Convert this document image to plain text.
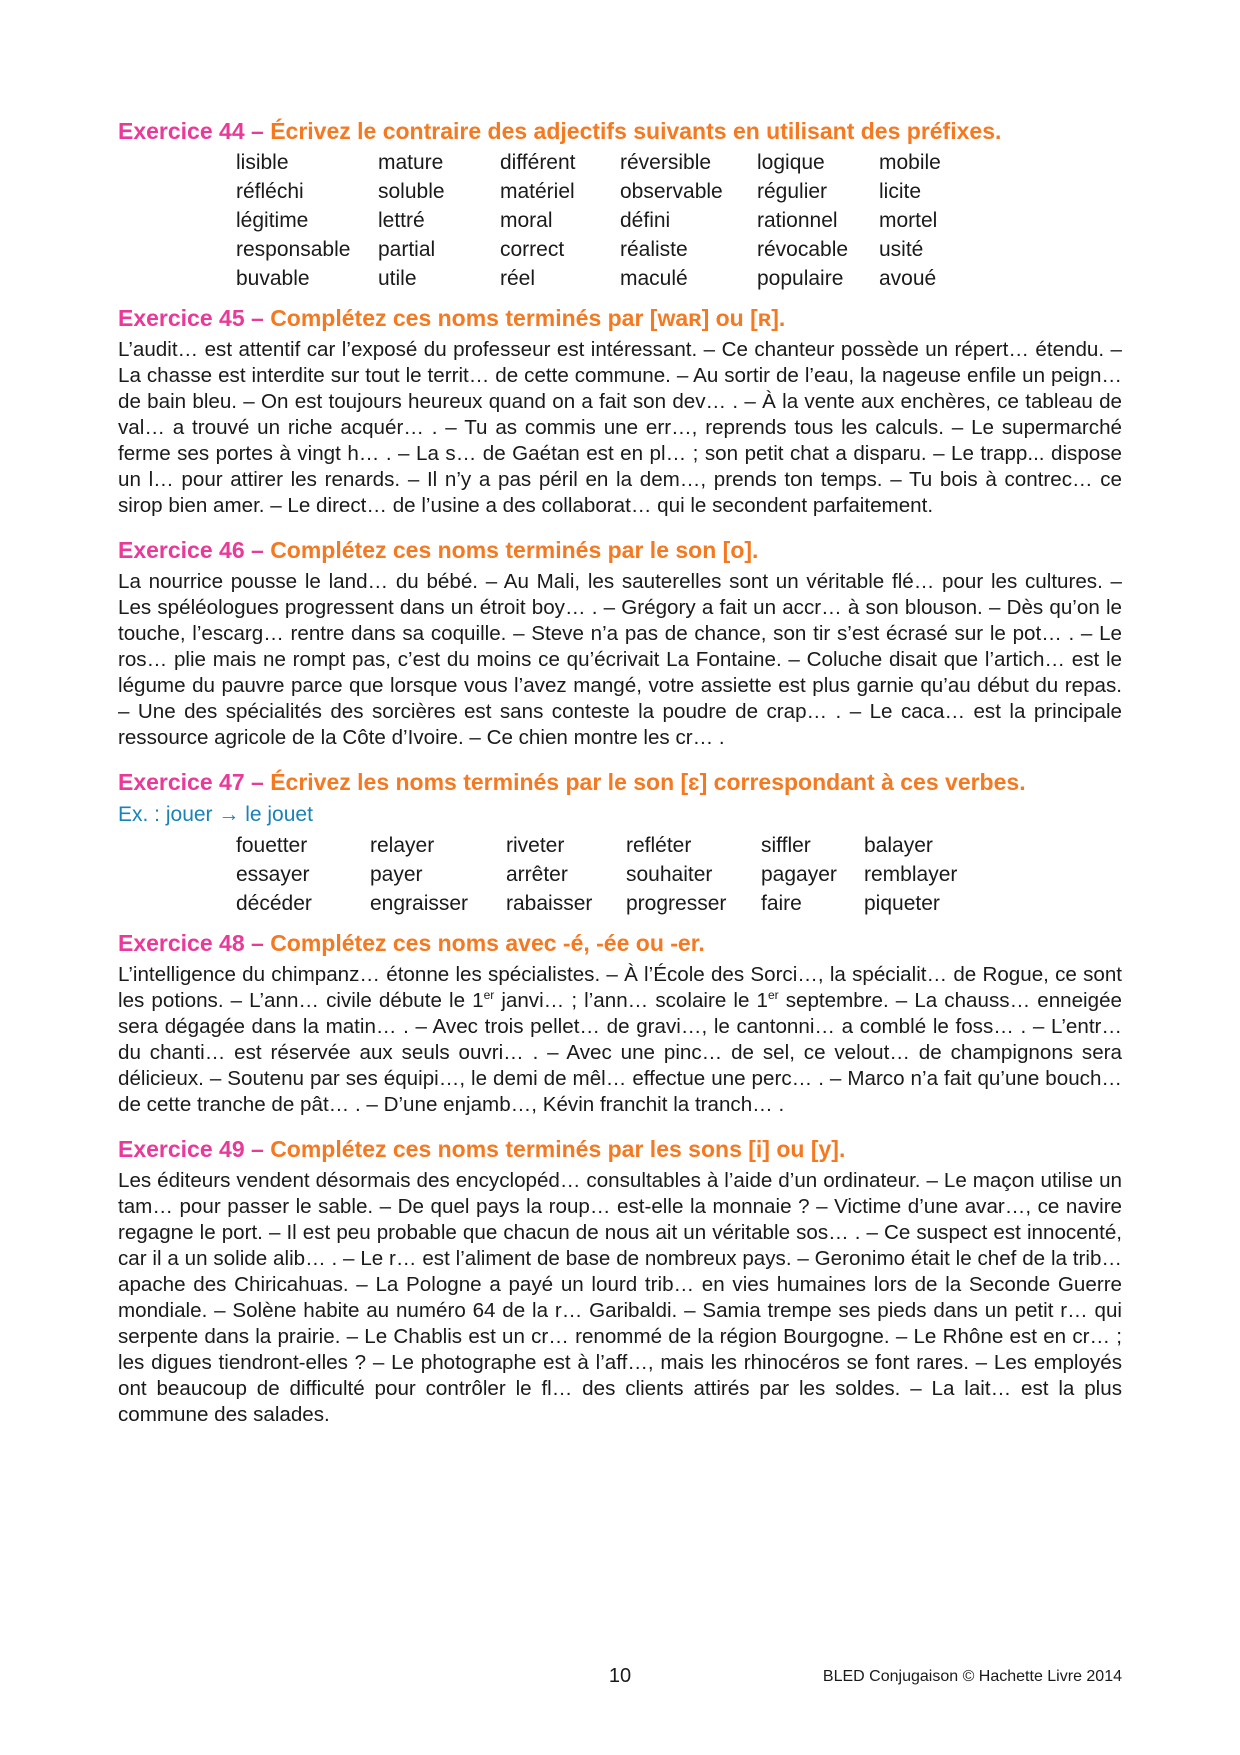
Exercice 44 – Écrivez le contraire des adjectifs suivants en utilisant des préfixes.

lisible	mature	différent	réversible	logique	mobile
réfléchi	soluble	matériel	observable	régulier	licite
légitime	lettré	moral	défini	rationnel	mortel
responsable	partial	correct	réaliste	révocable	usité
buvable	utile	réel	maculé	populaire	avoué

Exercice 45 – Complétez ces noms terminés par [waʀ] ou [ʀ].

L’audit… est attentif car l’exposé du professeur est intéressant. – Ce chanteur possède un répert… étendu. – La chasse est interdite sur tout le territ… de cette commune. – Au sortir de l’eau, la nageuse enfile un peign… de bain bleu. – On est toujours heureux quand on a fait son dev… . – À la vente aux enchères, ce tableau de val… a trouvé un riche acquér… . – Tu as commis une err…, reprends tous les calculs. – Le supermarché ferme ses portes à vingt h… . – La s… de Gaétan est en pl… ; son petit chat a disparu. – Le trapp... dispose un l… pour attirer les renards. – Il n’y a pas péril en la dem…, prends ton temps. – Tu bois à contrec… ce sirop bien amer. – Le direct… de l’usine a des collaborat… qui le secondent parfaitement.

Exercice 46 – Complétez ces noms terminés par le son [o].

La nourrice pousse le land… du bébé. – Au Mali, les sauterelles sont un véritable flé… pour les cultures. – Les spéléologues progressent dans un étroit boy… . – Grégory a fait un accr… à son blouson. – Dès qu’on le touche, l’escarg… rentre dans sa coquille. – Steve n’a pas de chance, son tir s’est écrasé sur le pot… . – Le ros… plie mais ne rompt pas, c’est du moins ce qu’écrivait La Fontaine. – Coluche disait que l’artich… est le légume du pauvre parce que lorsque vous l’avez mangé, votre assiette est plus garnie qu’au début du repas. – Une des spécialités des sorcières est sans conteste la poudre de crap… . – Le caca… est la principale ressource agricole de la Côte d’Ivoire. – Ce chien montre les cr… .

Exercice 47 – Écrivez les noms terminés par le son [ɛ] correspondant à ces verbes.

Ex. : jouer → le jouet

fouetter	relayer	riveter	refléter	siffler	balayer
essayer	payer	arrêter	souhaiter	pagayer	remblayer
décéder	engraisser	rabaisser	progresser	faire	piqueter

Exercice 48 – Complétez ces noms avec -é, -ée ou -er.

L’intelligence du chimpanz… étonne les spécialistes. – À l’École des Sorci…, la spécialit… de Rogue, ce sont les potions. – L’ann… civile débute le 1er janvi… ; l’ann… scolaire le 1er septembre. – La chauss… enneigée sera dégagée dans la matin… . – Avec trois pellet… de gravi…, le cantonni… a comblé le foss… . – L’entr… du chanti… est réservée aux seuls ouvri… . – Avec une pinc… de sel, ce velout… de champignons sera délicieux. – Soutenu par ses équipi…, le demi de mêl… effectue une perc… . – Marco n’a fait qu’une bouch… de cette tranche de pât… . – D’une enjamb…, Kévin franchit la tranch… .

Exercice 49 – Complétez ces noms terminés par les sons [i] ou [y].

Les éditeurs vendent désormais des encyclopéd… consultables à l’aide d’un ordinateur. – Le maçon utilise un tam… pour passer le sable. – De quel pays la roup… est-elle la monnaie ? – Victime d’une avar…, ce navire regagne le port. – Il est peu probable que chacun de nous ait un véritable sos… . – Ce suspect est innocenté, car il a un solide alib… . – Le r… est l’aliment de base de nombreux pays. – Geronimo était le chef de la trib… apache des Chiricahuas. – La Pologne a payé un lourd trib… en vies humaines lors de la Seconde Guerre mondiale. – Solène habite au numéro 64 de la r… Garibaldi. – Samia trempe ses pieds dans un petit r… qui serpente dans la prairie. – Le Chablis est un cr… renommé de la région Bourgogne. – Le Rhône est en cr… ; les digues tiendront-elles ? – Le photographe est à l’aff…, mais les rhinocéros se font rares. – Les employés ont beaucoup de difficulté pour contrôler le fl… des clients attirés par les soldes. – La lait… est la plus commune des salades.

10	BLED Conjugaison © Hachette Livre 2014
